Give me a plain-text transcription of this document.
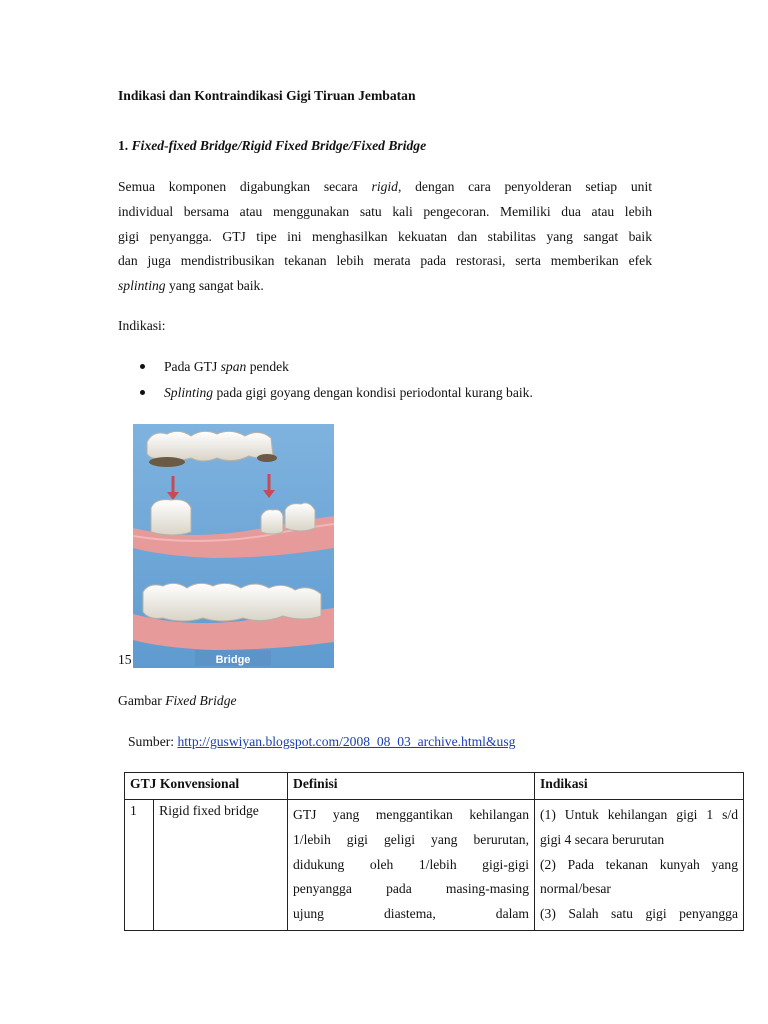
Indikasi dan Kontraindikasi Gigi Tiruan Jembatan
1. Fixed-fixed Bridge/Rigid Fixed Bridge/Fixed Bridge
Semua komponen digabungkan secara rigid, dengan cara penyolderan setiap unit
individual bersama atau menggunakan satu kali pengecoran. Memiliki dua atau lebih
gigi penyangga. GTJ tipe ini menghasilkan kekuatan dan stabilitas yang sangat baik
dan juga mendistribusikan tekanan lebih merata pada restorasi, serta memberikan efek
splinting yang sangat baik.
Indikasi:
Pada GTJ span pendek
Splinting pada gigi goyang dengan kondisi periodontal kurang baik.
15	Bridge
Gambar Fixed Bridge
Sumber: http://guswiyan.blogspot.com/2008_08_03_archive.html&usg
GTJ Konvensional		Definisi	Indikasi
1	Rigid fixed bridge	GTJ yang menggantikan kehilangan
1/lebih gigi geligi yang berurutan,
didukung oleh 1/lebih gigi-gigi
penyangga pada masing-masing
ujung diastema, dalam	(1) Untuk kehilangan gigi 1 s/d
gigi 4 secara berurutan
(2) Pada tekanan kunyah yang
normal/besar
(3) Salah satu gigi penyangga
